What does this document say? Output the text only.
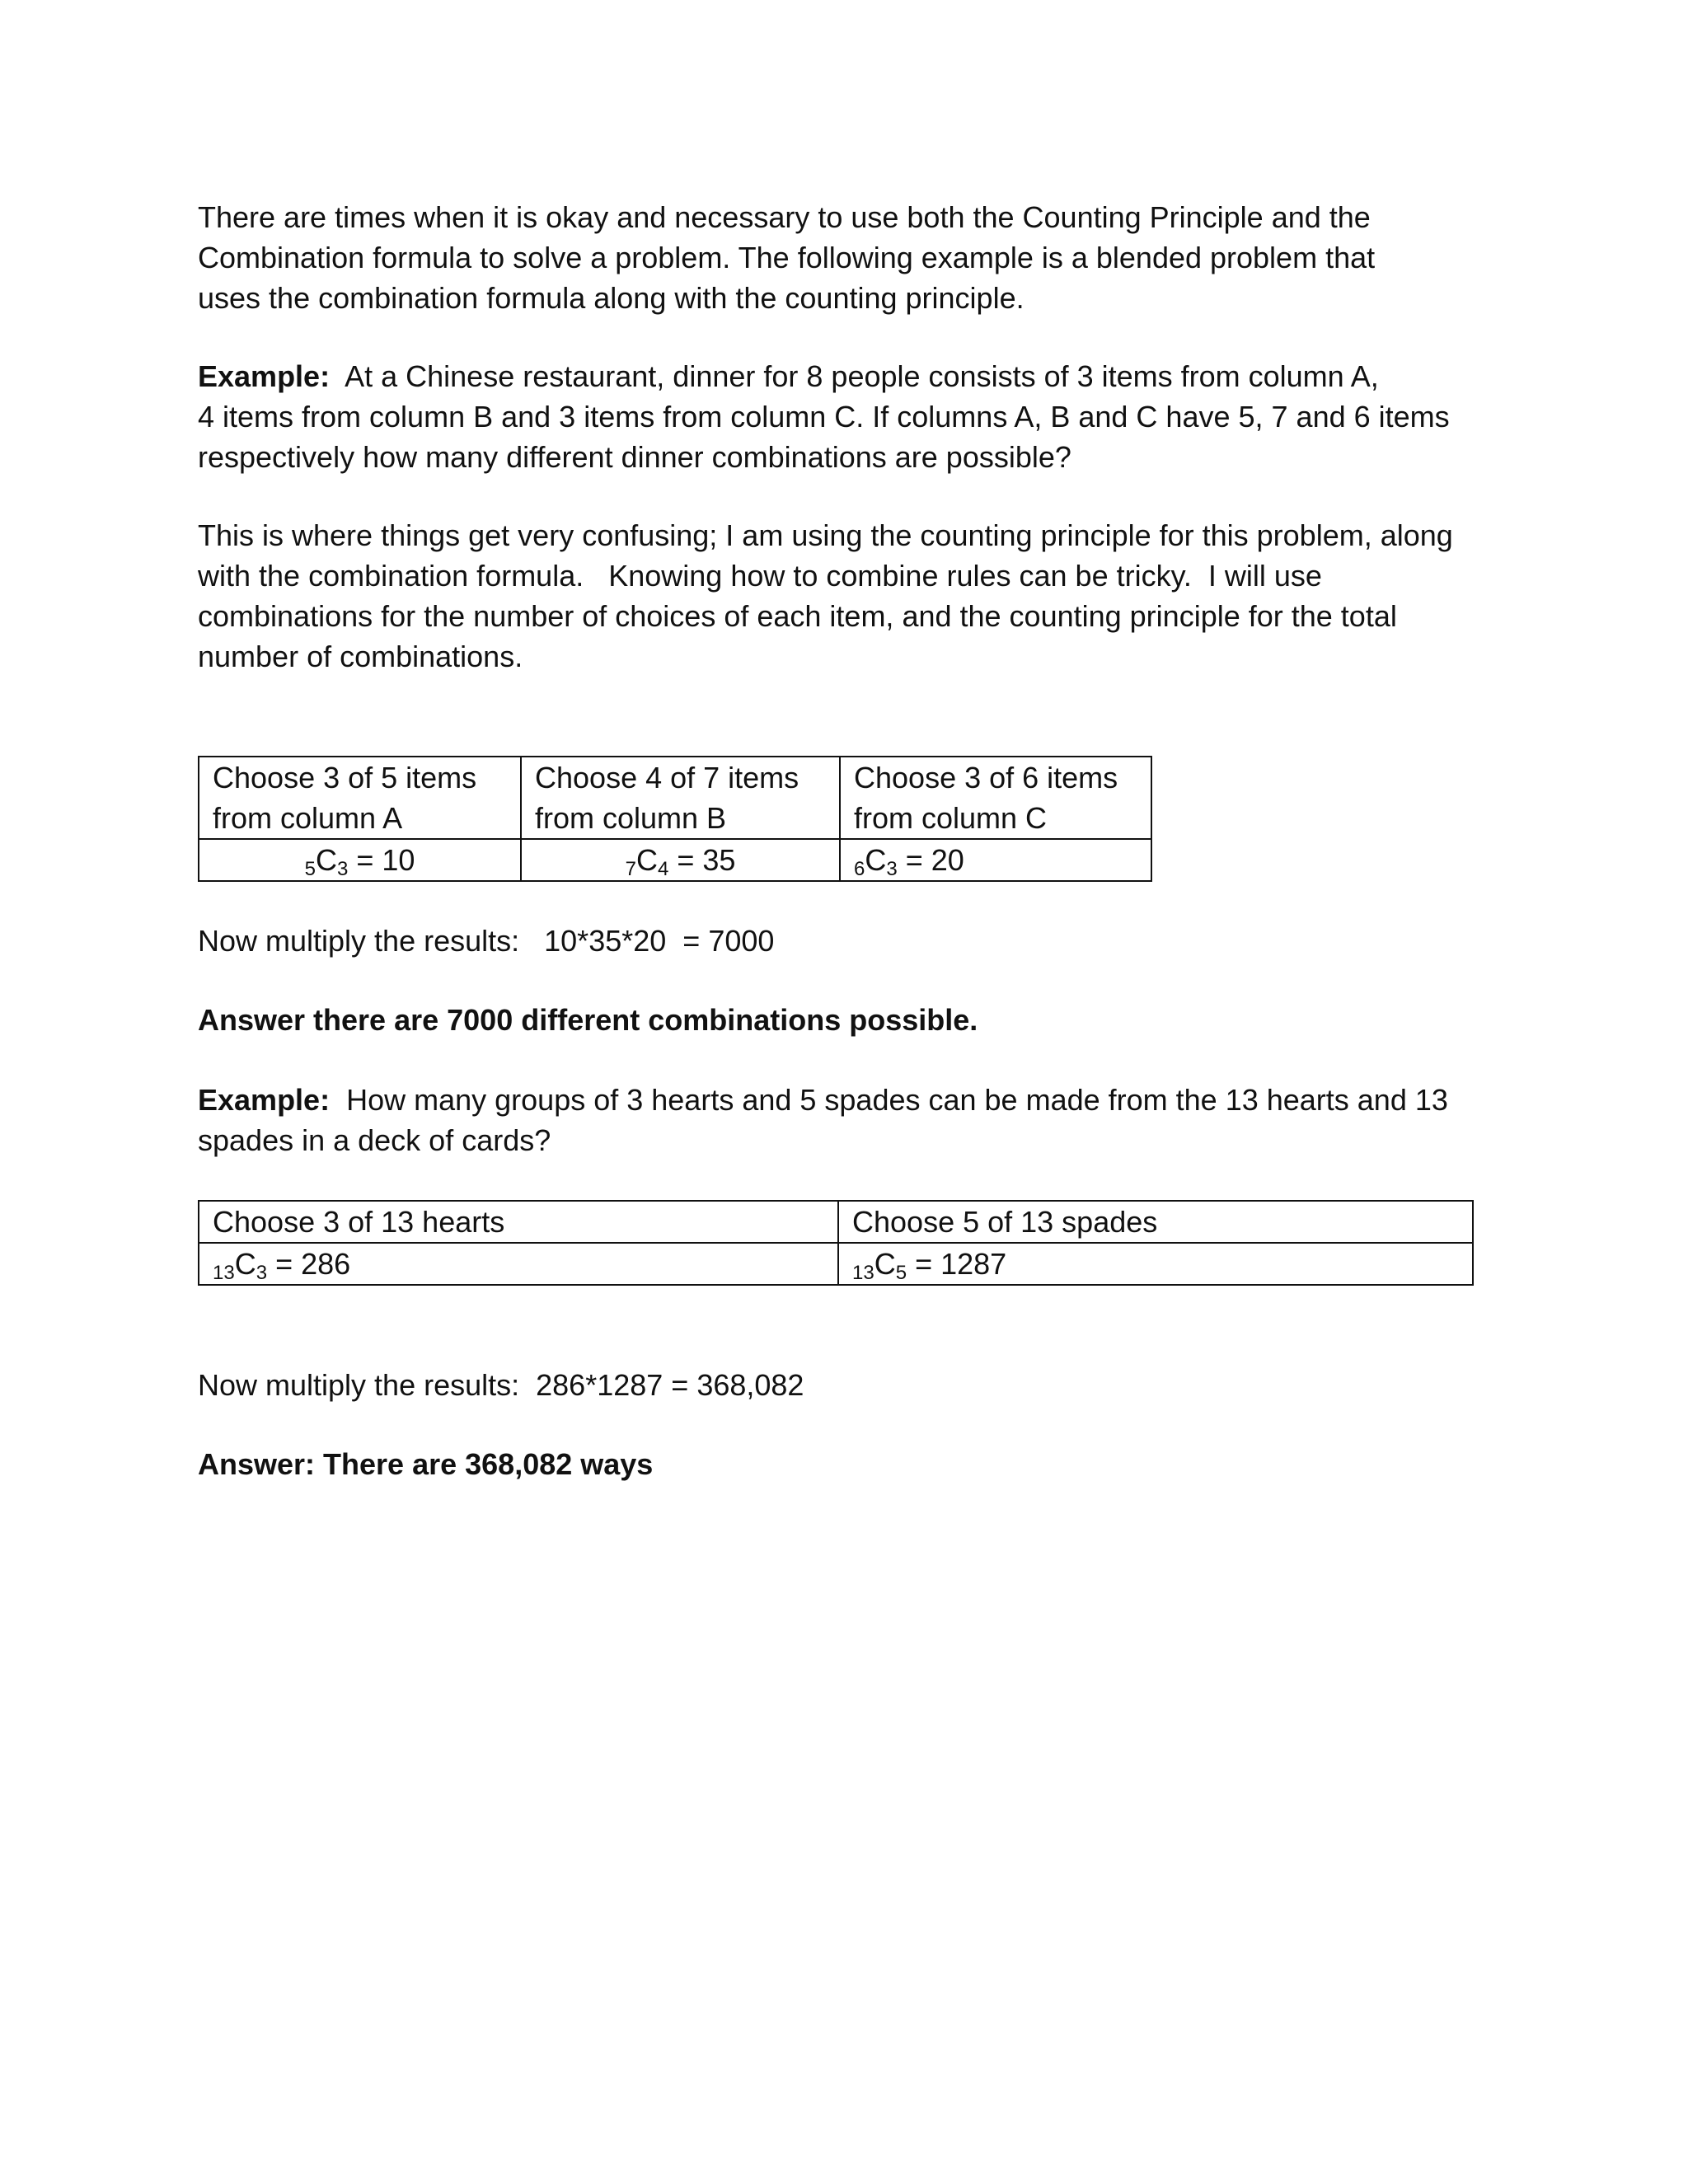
There are times when it is okay and necessary to use both the Counting Principle and the
Combination formula to solve a problem. The following example is a blended problem that
uses the combination formula along with the counting principle.

Example:  At a Chinese restaurant, dinner for 8 people consists of 3 items from column A,
4 items from column B and 3 items from column C. If columns A, B and C have 5, 7 and 6 items
respectively how many different dinner combinations are possible?

This is where things get very confusing; I am using the counting principle for this problem, along
with the combination formula.   Knowing how to combine rules can be tricky.  I will use
combinations for the number of choices of each item, and the counting principle for the total
number of combinations.

Choose 3 of 5 items
from column A	Choose 4 of 7 items
from column B	Choose 3 of 6 items
from column C
$5C_3 = 10$	$7C_4 = 35$	$6C_3 = 20$

Now multiply the results:   10*35*20  = 7000

Answer there are 7000 different combinations possible.

Example:  How many groups of 3 hearts and 5 spades can be made from the 13 hearts and 13
spades in a deck of cards?

Choose 3 of 13 hearts	Choose 5 of 13 spades
$13C_3 = 286$	$13C_5 = 1287$

Now multiply the results:  286*1287 = 368,082

Answer: There are 368,082 ways
